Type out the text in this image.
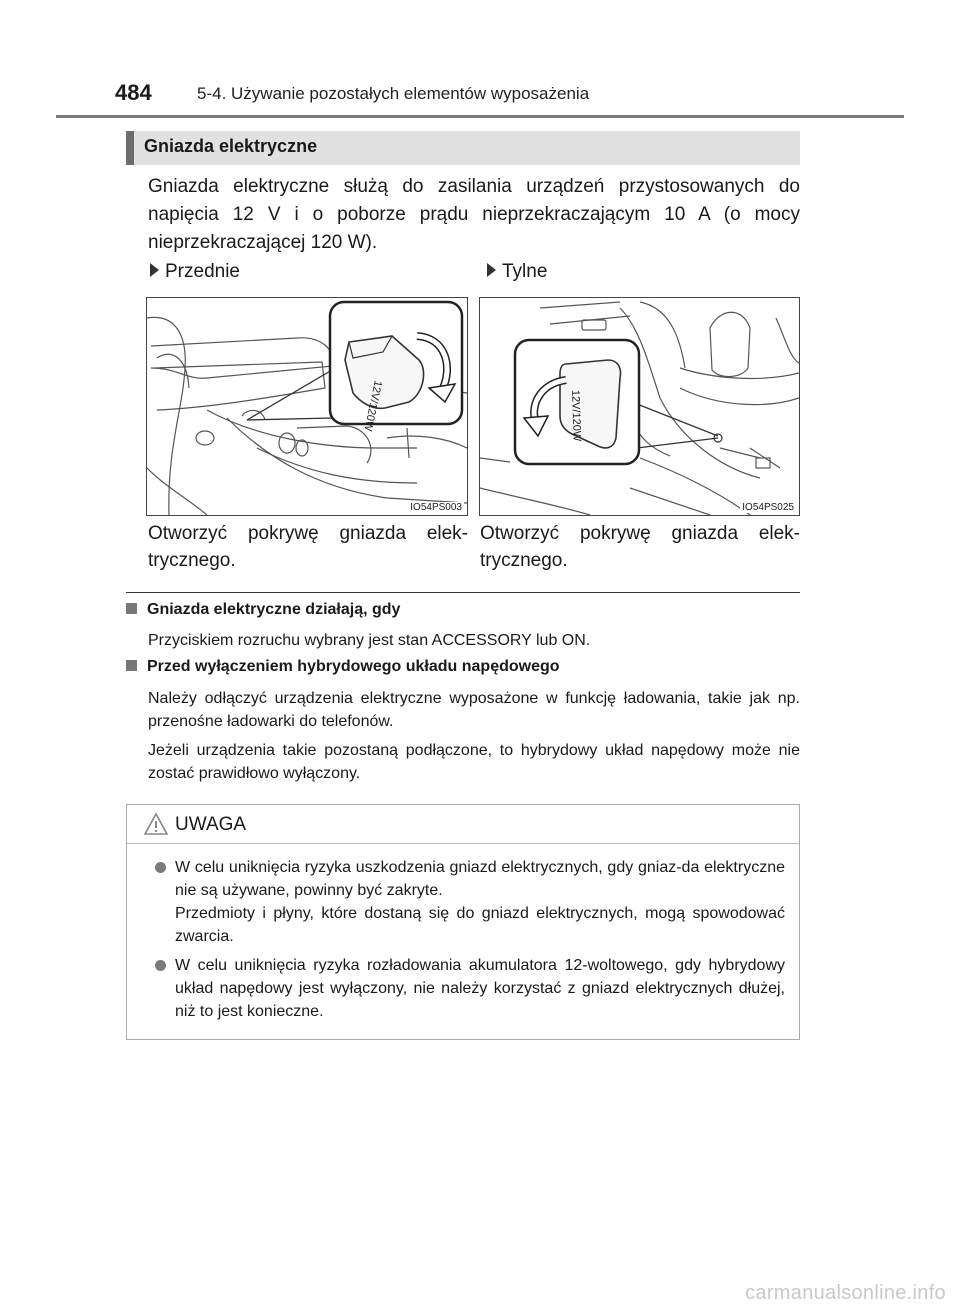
484	5-4. Używanie pozostałych elementów wyposażenia
Gniazda elektryczne

Gniazda elektryczne służą do zasilania urządzeń przystosowanych do napięcia 12 V i o poborze prądu nieprzekraczającym 10 A (o mocy nieprzekraczającej 120 W).

Przednie	Tylne
12V/120W
IO54PS003
12V/120W
IO54PS025

Otworzyć pokrywę gniazda elek-trycznego.

Otworzyć pokrywę gniazda elek-trycznego.

Gniazda elektryczne działają, gdy

Przyciskiem rozruchu wybrany jest stan ACCESSORY lub ON.

Przed wyłączeniem hybrydowego układu napędowego

Należy odłączyć urządzenia elektryczne wyposażone w funkcję ładowania, takie jak np. przenośne ładowarki do telefonów.

Jeżeli urządzenia takie pozostaną podłączone, to hybrydowy układ napędowy może nie zostać prawidłowo wyłączony.

UWAGA

W celu uniknięcia ryzyka uszkodzenia gniazd elektrycznych, gdy gniaz-da elektryczne nie są używane, powinny być zakryte.

Przedmioty i płyny, które dostaną się do gniazd elektrycznych, mogą spowodować zwarcia.

W celu uniknięcia ryzyka rozładowania akumulatora 12-woltowego, gdy hybrydowy układ napędowy jest wyłączony, nie należy korzystać z gniazd elektrycznych dłużej, niż to jest konieczne.

carmanualsonline.info
